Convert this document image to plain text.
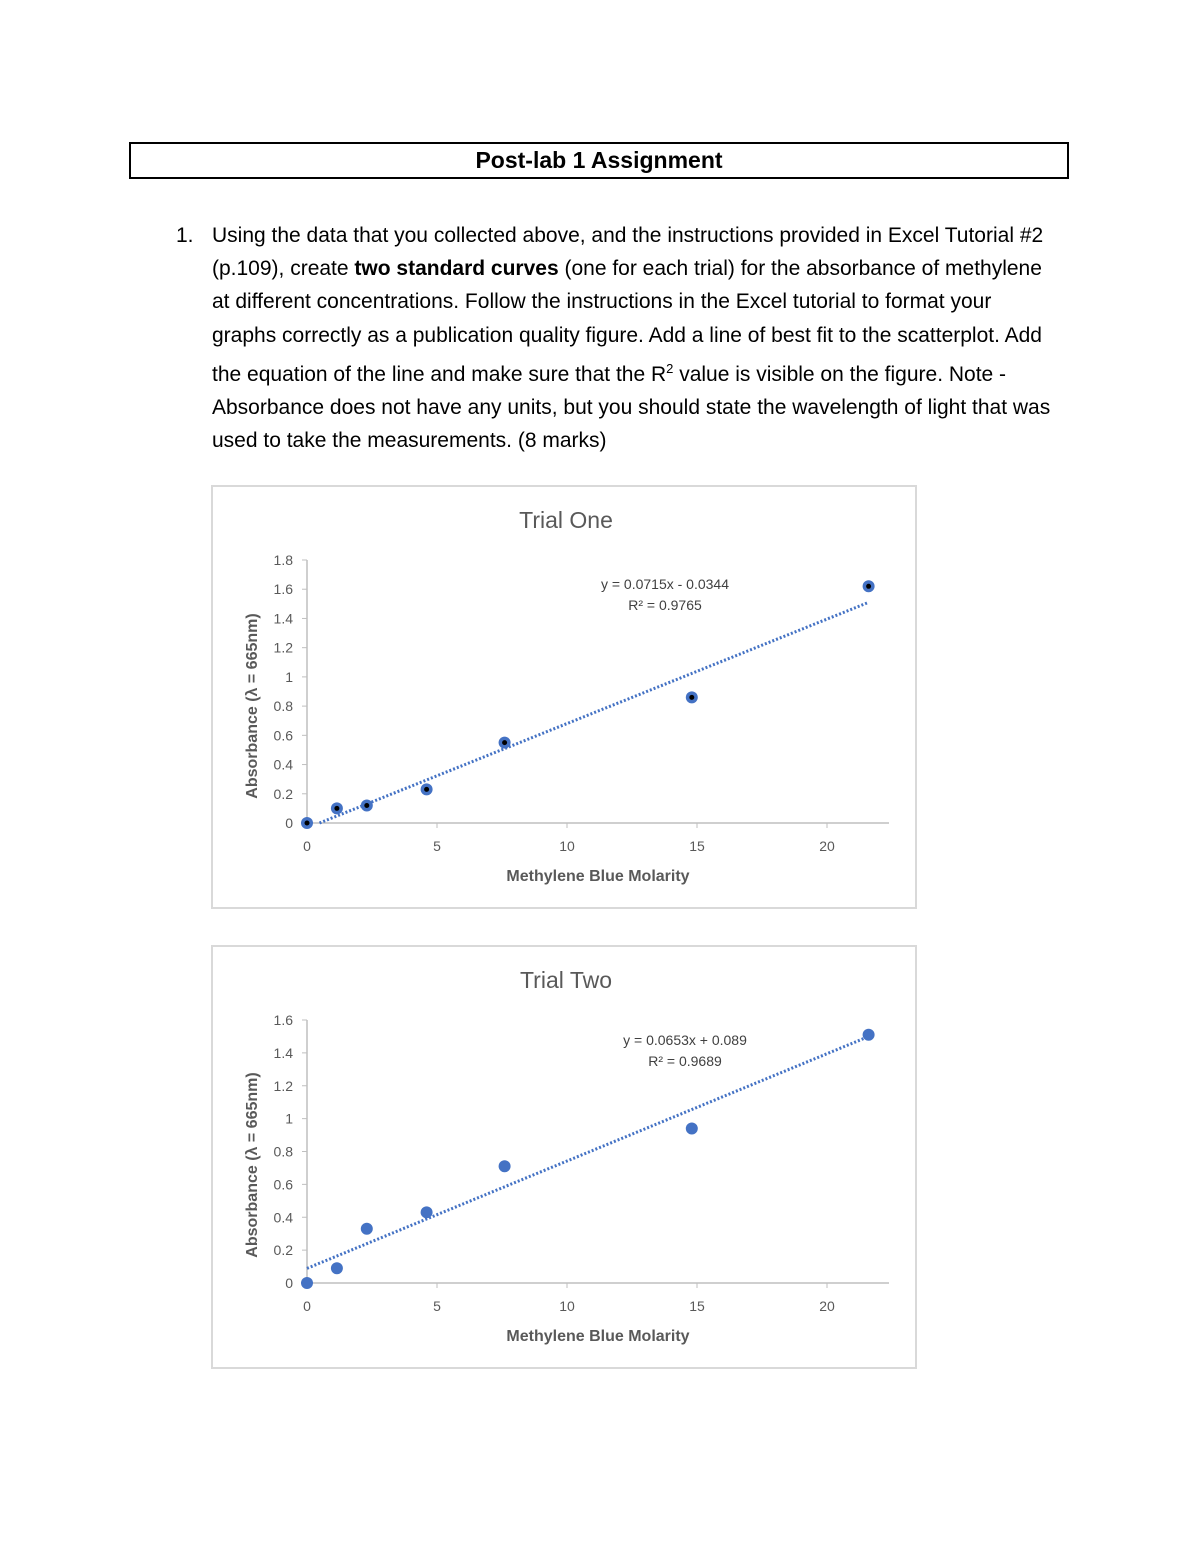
Post-lab 1 Assignment
1. Using the data that you collected above, and the instructions provided in Excel Tutorial #2 (p.109), create two standard curves (one for each trial) for the absorbance of methylene at different concentrations. Follow the instructions in the Excel tutorial to format your graphs correctly as a publication quality figure. Add a line of best fit to the scatterplot. Add the equation of the line and make sure that the $R^2$ value is visible on the figure. Note - Absorbance does not have any units, but you should state the wavelength of light that was used to take the measurements. (8 marks)
Trial One
0
0.2
0.4
0.6
0.8
1
1.2
1.4
1.6
1.8
0	5	10	15	20
y = 0.0715x - 0.0344
R² = 0.9765
Methylene Blue Molarity
Absorbance (λ = 665nm)
Trial Two
0
0.2
0.4
0.6
0.8
1
1.2
1.4
1.6
0	5	10	15	20
y = 0.0653x + 0.089
R² = 0.9689
Methylene Blue Molarity
Absorbance (λ = 665nm)
